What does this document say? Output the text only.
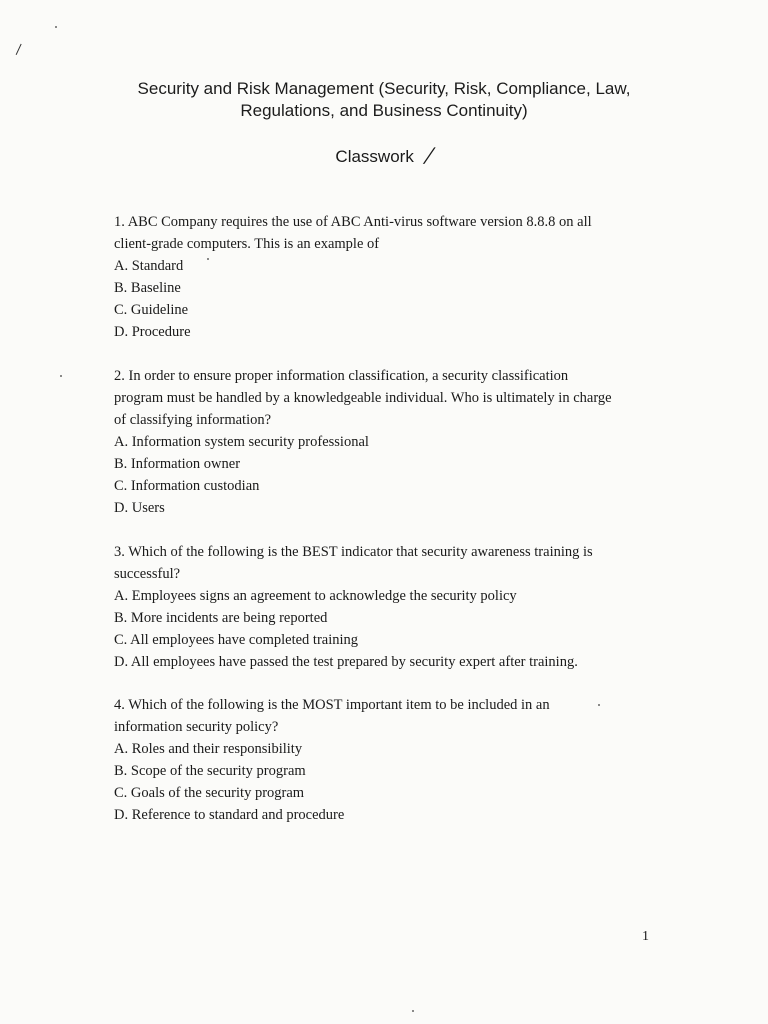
Security and Risk Management (Security, Risk, Compliance, Law,
Regulations, and Business Continuity)
Classwork /

1. ABC Company requires the use of ABC Anti-virus software version 8.8.8 on all

client-grade computers. This is an example of

A. Standard

B. Baseline

C. Guideline

D. Procedure

2. In order to ensure proper information classification, a security classification

program must be handled by a knowledgeable individual. Who is ultimately in charge

of classifying information?

A. Information system security professional

B. Information owner

C. Information custodian

D. Users

3. Which of the following is the BEST indicator that security awareness training is

successful?

A. Employees signs an agreement to acknowledge the security policy

B. More incidents are being reported

C. All employees have completed training

D. All employees have passed the test prepared by security expert after training.

4. Which of the following is the MOST important item to be included in an

information security policy?

A. Roles and their responsibility

B. Scope of the security program

C. Goals of the security program

D. Reference to standard and procedure

1
